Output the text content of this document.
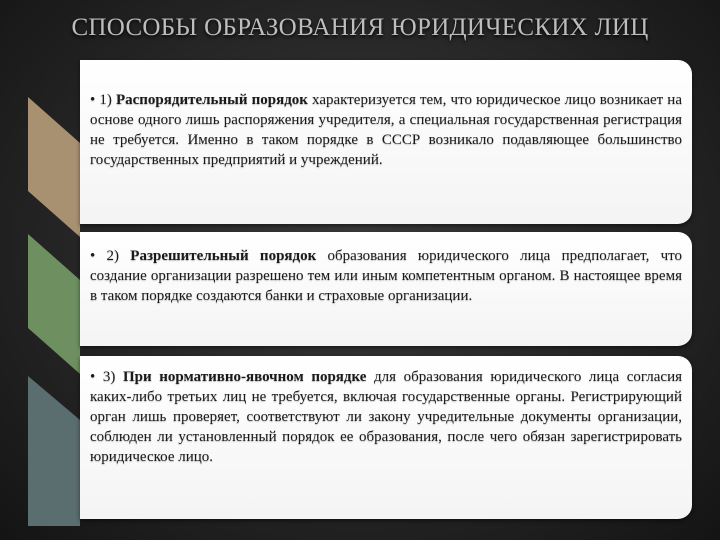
СПОСОБЫ ОБРАЗОВАНИЯ ЮРИДИЧЕСКИХ ЛИЦ

• 1) Распорядительный порядок характеризуется тем, что юридическое лицо возникает на основе одного лишь распоряжения учредителя, а специальная государственная регистрация не требуется. Именно в таком порядке в СССР возникало подавляющее большинство государственных предприятий и учреждений.

• 2) Разрешительный порядок образования юридического лица предполагает, что создание организации разрешено тем или иным компетентным органом. В настоящее время в таком порядке создаются банки и страховые организации.

• 3) При нормативно-явочном порядке для образования юридического лица согласия каких-либо третьих лиц не требуется, включая государственные органы. Регистрирующий орган лишь проверяет, соответствуют ли закону учредительные документы организации, соблюден ли установленный порядок ее образования, после чего обязан зарегистрировать юридическое лицо.
